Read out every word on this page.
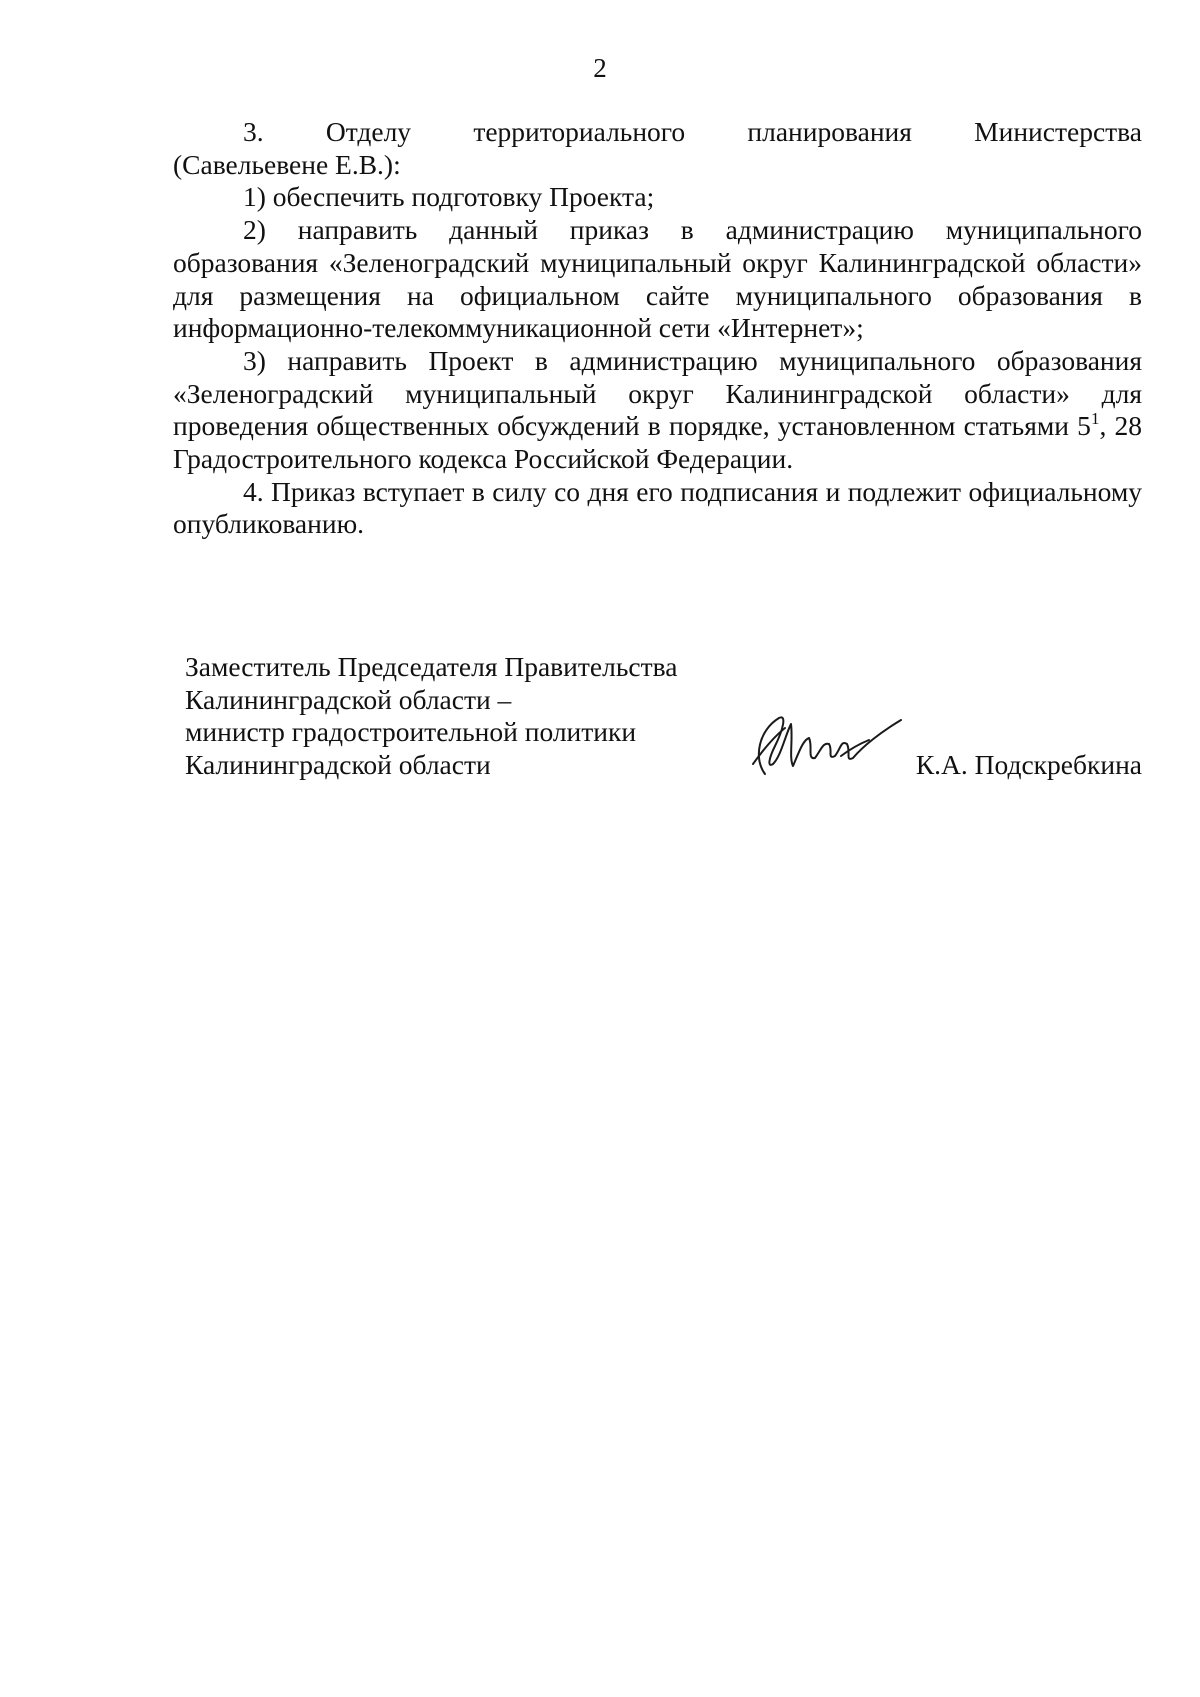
2

3. Отделу территориального планирования Министерства

(Савельевене Е.В.):

1) обеспечить подготовку Проекта;

2) направить данный приказ в администрацию муниципального образования «Зеленоградский муниципальный округ Калининградской области» для размещения на официальном сайте муниципального образования в информационно-телекоммуникационной сети «Интернет»;

3) направить Проект в администрацию муниципального образования «Зеленоградский муниципальный округ Калининградской области» для проведения общественных обсуждений в порядке, установленном статьями $5^1$, 28 Градостроительного кодекса Российской Федерации.

4. Приказ вступает в силу со дня его подписания и подлежит официальному опубликованию.

Заместитель Председателя Правительства
Калининградской области –
министр градостроительной политики
Калининградской области	К.А. Подскребкина
